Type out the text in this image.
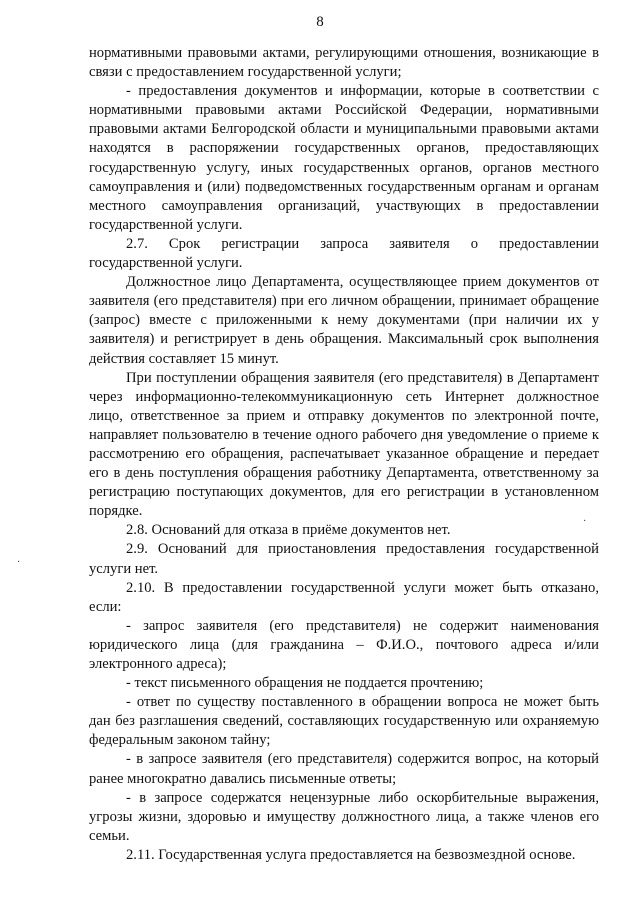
8

нормативными правовыми актами, регулирующими отношения, возникающие в связи с предоставлением государственной услуги;

- предоставления документов и информации, которые в соответствии с нормативными правовыми актами Российской Федерации, нормативными правовыми актами Белгородской области и муниципальными правовыми актами находятся в распоряжении государственных органов, предоставляющих государственную услугу, иных государственных органов, органов местного самоуправления и (или) подведомственных государственным органам и органам местного самоуправления организаций, участвующих в предоставлении государственной услуги.

2.7. Срок регистрации запроса заявителя о предоставлении государственной услуги.

Должностное лицо Департамента, осуществляющее прием документов от заявителя (его представителя) при его личном обращении, принимает обращение (запрос) вместе с приложенными к нему документами (при наличии их у заявителя) и регистрирует в день обращения. Максимальный срок выполнения действия составляет 15 минут.

При поступлении обращения заявителя (его представителя) в Департамент через информационно-телекоммуникационную сеть Интернет должностное лицо, ответственное за прием и отправку документов по электронной почте, направляет пользователю в течение одного рабочего дня уведомление о приеме к рассмотрению его обращения, распечатывает указанное обращение и передает его в день поступления обращения работнику Департамента, ответственному за регистрацию поступающих документов, для его регистрации в установленном порядке.

2.8. Оснований для отказа в приёме документов нет.

2.9. Оснований для приостановления предоставления государственной услуги нет.

2.10. В предоставлении государственной услуги может быть отказано, если:

- запрос заявителя (его представителя) не содержит наименования юридического лица (для гражданина – Ф.И.О., почтового адреса и/или электронного адреса);

- текст письменного обращения не поддается прочтению;

- ответ по существу поставленного в обращении вопроса не может быть дан без разглашения сведений, составляющих государственную или охраняемую федеральным законом тайну;

- в запросе заявителя (его представителя) содержится вопрос, на который ранее многократно давались письменные ответы;

- в запросе содержатся нецензурные либо оскорбительные выражения, угрозы жизни, здоровью и имуществу должностного лица, а также членов его семьи.

2.11. Государственная услуга предоставляется на безвозмездной основе.

·
·
